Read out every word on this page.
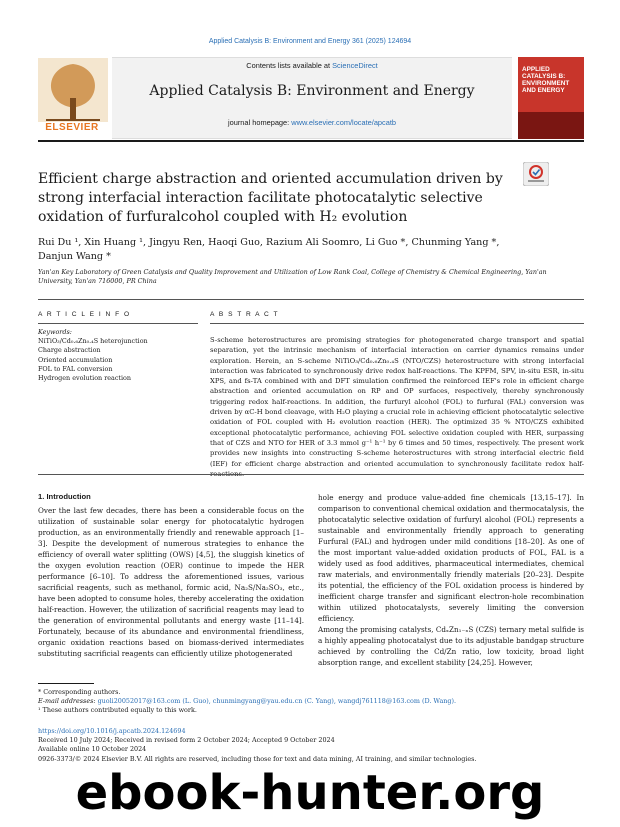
Applied Catalysis B: Environment and Energy 361 (2025) 124694
ELSEVIER
Contents lists available at ScienceDirect
Applied Catalysis B: Environment and Energy
journal homepage: www.elsevier.com/locate/apcatb
APPLIED CATALYSIS B: ENVIRONMENT AND ENERGY
Efficient charge abstraction and oriented accumulation driven by strong interfacial interaction facilitate photocatalytic selective oxidation of furfuralcohol coupled with H₂ evolution
Rui Du ¹, Xin Huang ¹, Jingyu Ren, Haoqi Guo, Razium Ali Soomro, Li Guo *, Chunming Yang *,
Danjun Wang *
Yan'an Key Laboratory of Green Catalysis and Quality Improvement and Utilization of Low Rank Coal, College of Chemistry & Chemical Engineering, Yan'an University, Yan'an 716000, PR China
A R T I C L E I N F O	A B S T R A C T
Keywords:
NiTiO₃/Cd₀.₆Zn₀.₄S heterojunction
Charge abstraction
Oriented accumulation
FOL to FAL conversion
Hydrogen evolution reaction
S-scheme heterostructures are promising strategies for photogenerated charge transport and spatial separation, yet the intrinsic mechanism of interfacial interaction on carrier dynamics remains under exploration. Herein, an S-scheme NiTiO₃/Cd₀.₆Zn₀.₄S (NTO/CZS) heterostructure with strong interfacial interaction was fabricated to synchronously drive redox half-reactions. The KPFM, SPV, in-situ ESR, in-situ XPS, and fs-TA combined with and DFT simulation confirmed the reinforced IEF's role in efficient charge abstraction and oriented accumulation on RP and OP surfaces, respectively, thereby synchronously triggering redox half-reactions. In addition, the furfuryl alcohol (FOL) to furfural (FAL) conversion was driven by αC-H bond cleavage, with H₂O playing a crucial role in achieving efficient photocatalytic selective oxidation of FOL coupled with H₂ evolution reaction (HER). The optimized 35 % NTO/CZS exhibited exceptional photocatalytic performance, achieving FOL selective oxidation coupled with HER, surpassing that of CZS and NTO for HER of 3.3 mmol g⁻¹ h⁻¹ by 6 times and 50 times, respectively. The present work provides new insights into constructing S-scheme heterostructures with strong interfacial electric field (IEF) for efficient charge abstraction and oriented accumulation to synchronously facilitate redox half-
1. Introduction
Over the last few decades, there has been a considerable focus on the utilization of sustainable solar energy for photocatalytic hydrogen production, as an environmentally friendly and renewable approach [1–3]. Despite the development of numerous strategies to enhance the efficiency of overall water splitting (OWS) [4,5], the sluggish kinetics of the oxygen evolution reaction (OER) continue to impede the HER performance [6–10]. To address the aforementioned issues, various sacrificial reagents, such as methanol, formic acid, Na₂S/Na₂SO₃, etc., have been adopted to consume holes, thereby accelerating the oxidation half-reaction. However, the utilization of sacrificial reagents may lead to the generation of environmental pollutants and energy waste [11–14]. Fortunately, because of its abundance and environmental friendliness, organic oxidation reactions based on biomass-derived intermediates substituting sacrificial reagents can efficiently utilize photogenerated
hole energy and produce value-added fine chemicals [13,15–17]. In comparison to conventional chemical oxidation and thermocatalysis, the photocatalytic selective oxidation of furfuryl alcohol (FOL) represents a sustainable and environmentally friendly approach to generating Furfural (FAL) and hydrogen under mild conditions [18–20]. As one of the most important value-added oxidation products of FOL, FAL is a widely used as food additives, pharmaceutical intermediates, chemical raw materials, and environmentally friendly materials [20–23]. Despite its potential, the efficiency of the FOL oxidation process is hindered by inefficient charge transfer and significant electron-hole recombination within utilized photocatalysts, severely limiting the conversion efficiency.
Among the promising catalysts, CdₓZn₁₋ₓS (CZS) ternary metal sulfide is a highly appealing photocatalyst due to its adjustable bandgap structure achieved by controlling the Cd/Zn ratio, low toxicity, broad light absorption range, and excellent stability [24,25]. However,
* Corresponding authors.
E-mail addresses: guoli20052017@163.com (L. Guo), chunmingyang@yau.edu.cn (C. Yang), wangdj761118@163.com (D. Wang).
¹ These authors contributed equally to this work.
https://doi.org/10.1016/j.apcatb.2024.124694
Received 10 July 2024; Received in revised form 2 October 2024; Accepted 9 October 2024
Available online 10 October 2024
0926-3373/© 2024 Elsevier B.V. All rights are reserved, including those for text and data mining, AI training, and similar technologies.
ebook-hunter.org
